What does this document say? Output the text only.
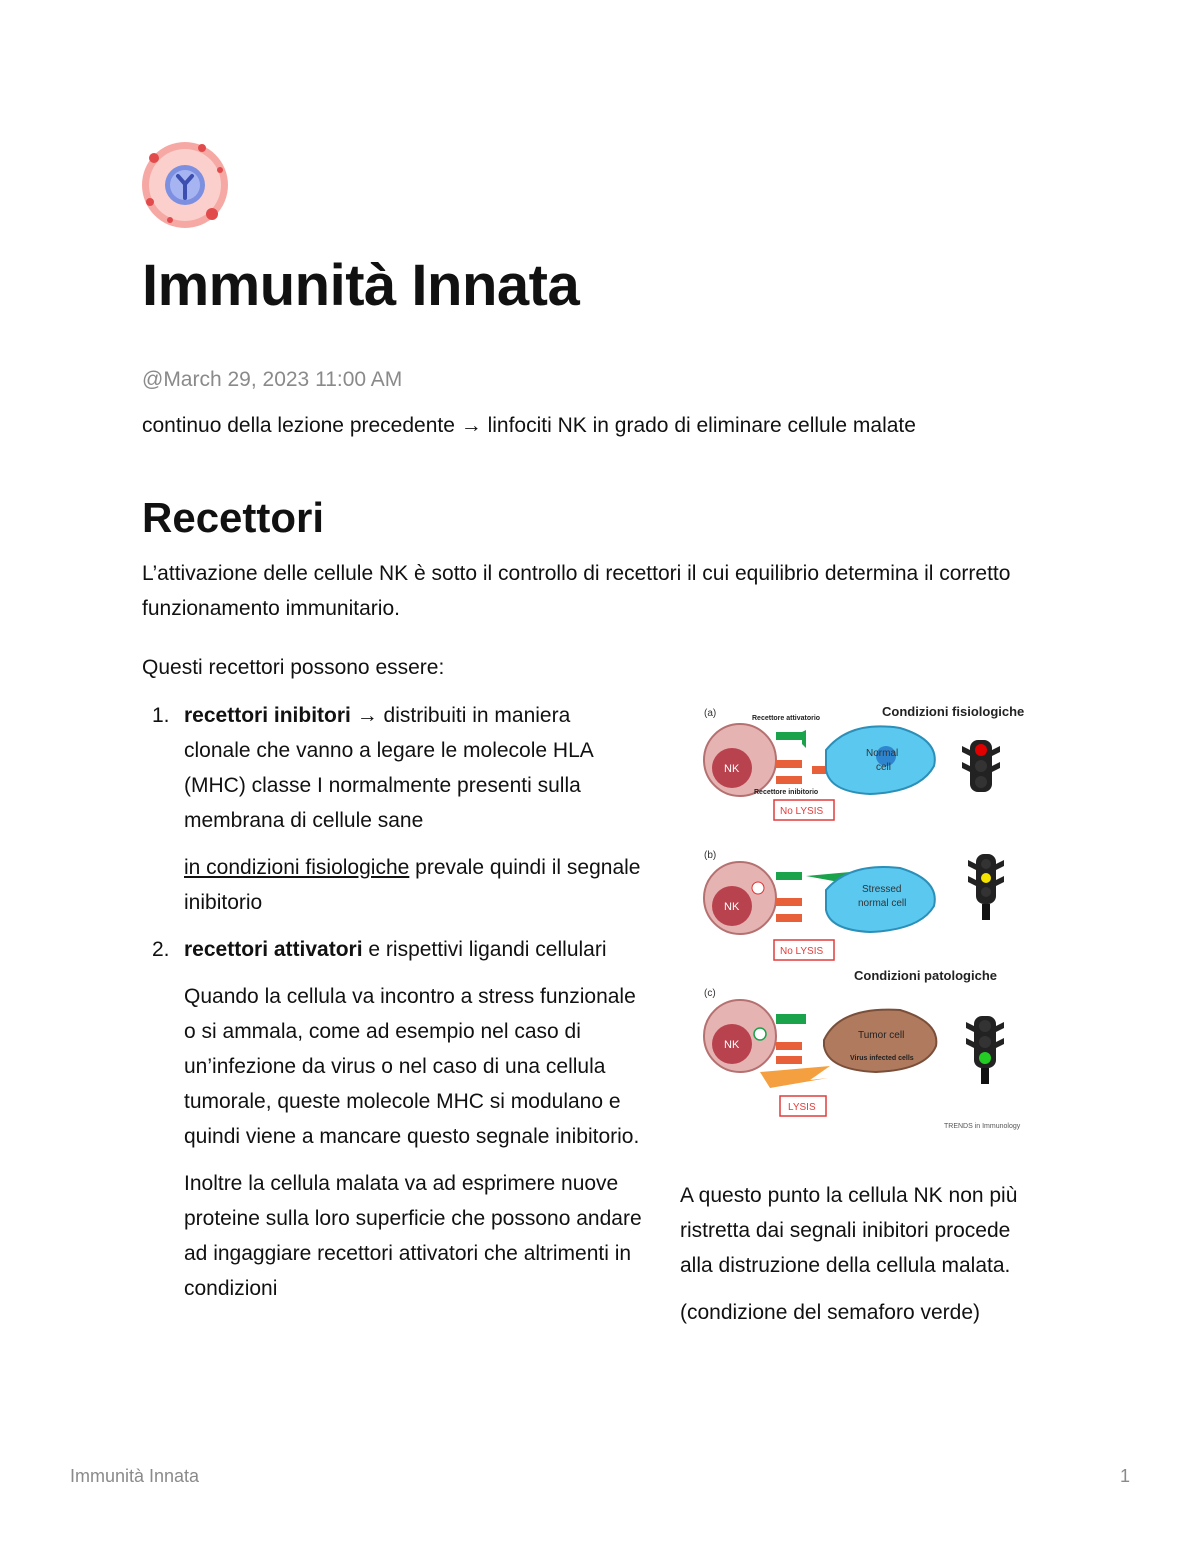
Immunità Innata
@March 29, 2023 11:00 AM
continuo della lezione precedente → linfociti NK in grado di eliminare cellule malate
Recettori

L’attivazione delle cellule NK è sotto il controllo di recettori il cui equilibrio determina il corretto funzionamento immunitario.

Questi recettori possono essere:

1. recettori inibitori → distribuiti in maniera clonale che vanno a legare le molecole HLA (MHC) classe I normalmente presenti sulla membrana di cellule sane

in condizioni fisiologiche prevale quindi il segnale inibitorio

2. recettori attivatori e rispettivi ligandi cellulari

Quando la cellula va incontro a stress funzionale o si ammala, come ad esempio nel caso di un’infezione da virus o nel caso di una cellula tumorale, queste molecole MHC si modulano e quindi viene a mancare questo segnale inibitorio.

Inoltre la cellula malata va ad esprimere nuove proteine sulla loro superficie che possono andare ad ingaggiare recettori attivatori che altrimenti in condizioni

(a)	Recettore attivatorio	Condizioni fisiologiche
NK
Normal
cell
Recettore inibitorio
No LYSIS
(b)
NK
Stressed
normal cell
No LYSIS
Condizioni patologiche
(c)
NK
Tumor cell
Virus infected cells
LYSIS
TRENDS in Immunology

A questo punto la cellula NK non più ristretta dai segnali inibitori procede alla distruzione della cellula malata.

(condizione del semaforo verde)

Immunità Innata	1
